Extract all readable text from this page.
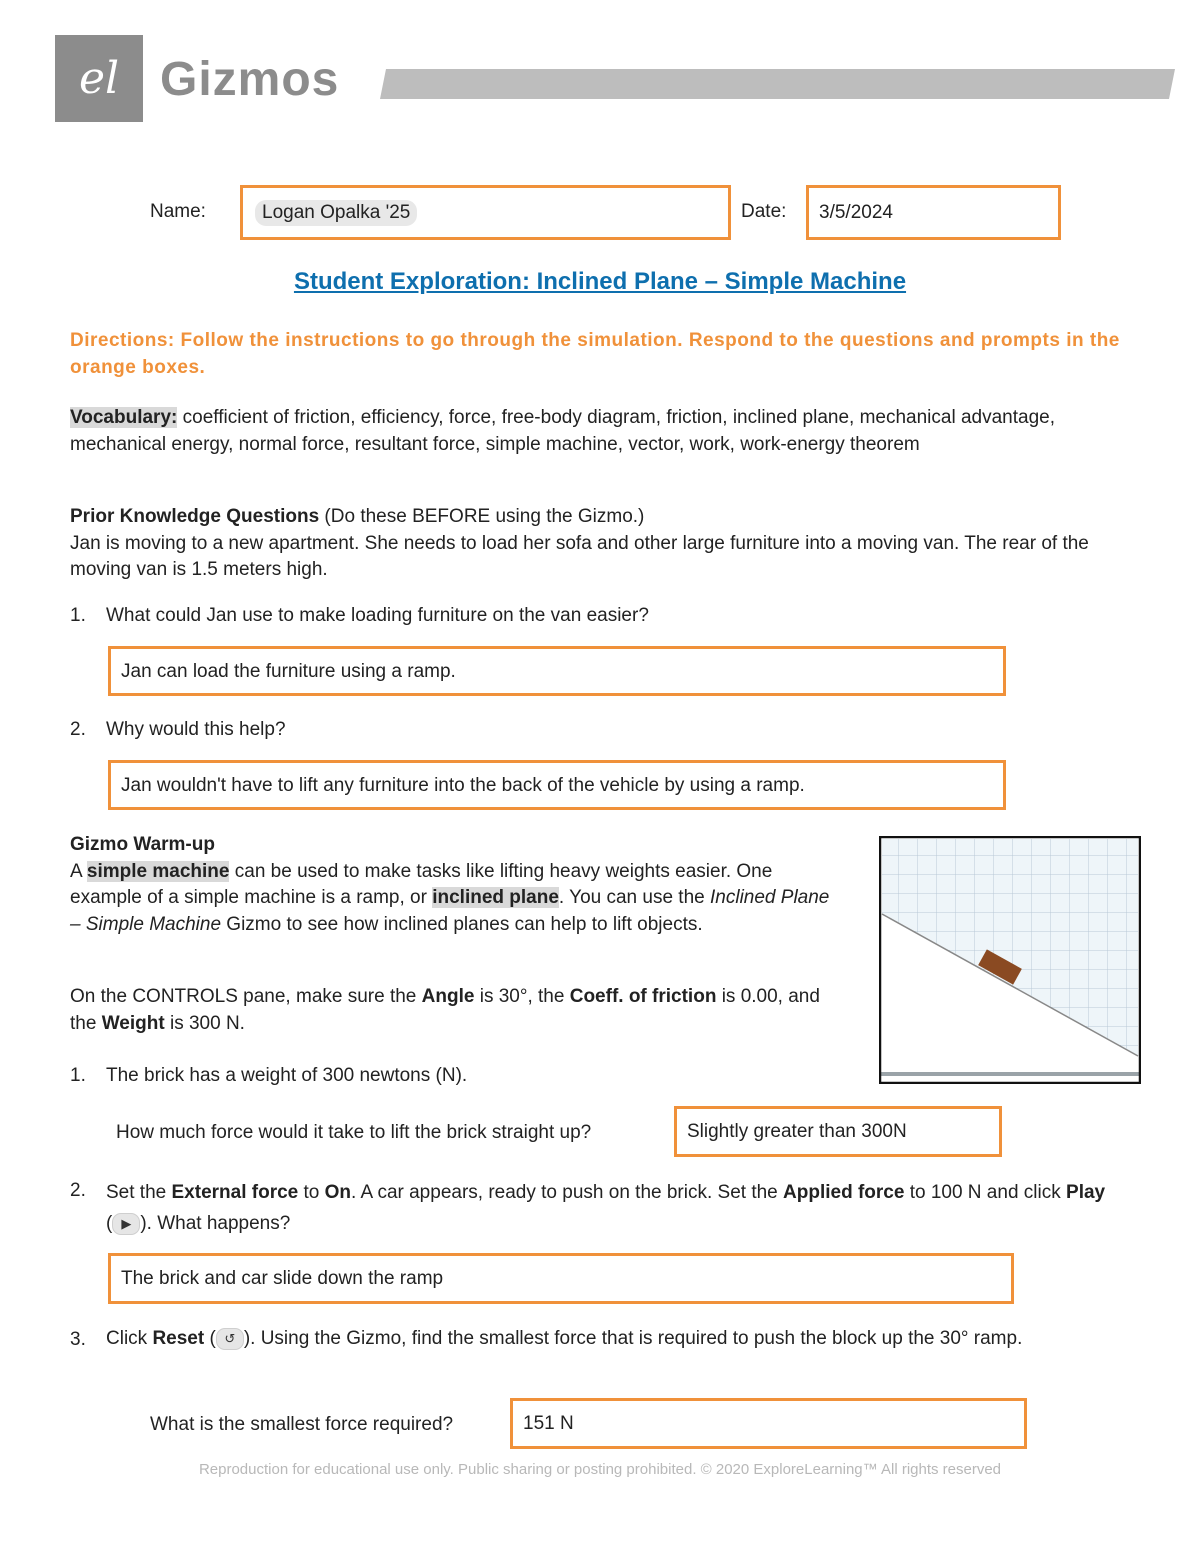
el Gizmos
Name:	Logan Opalka '25	Date: 3/5/2024
Student Exploration: Inclined Plane – Simple Machine
Directions: Follow the instructions to go through the simulation. Respond to the questions and prompts in the orange boxes.
Vocabulary: coefficient of friction, efficiency, force, free-body diagram, friction, inclined plane, mechanical advantage, mechanical energy, normal force, resultant force, simple machine, vector, work, work-energy theorem
Prior Knowledge Questions (Do these BEFORE using the Gizmo.)
Jan is moving to a new apartment. She needs to load her sofa and other large furniture into a moving van. The rear of the moving van is 1.5 meters high.
1. What could Jan use to make loading furniture on the van easier?
Jan can load the furniture using a ramp.
2. Why would this help?
Jan wouldn't have to lift any furniture into the back of the vehicle by using a ramp.
Gizmo Warm-up
A simple machine can be used to make tasks like lifting heavy weights easier. One example of a simple machine is a ramp, or inclined plane. You can use the Inclined Plane – Simple Machine Gizmo to see how inclined planes can help to lift objects.
On the CONTROLS pane, make sure the Angle is 30°, the Coeff. of friction is 0.00, and the Weight is 300 N.
1. The brick has a weight of 300 newtons (N).
How much force would it take to lift the brick straight up?	Slightly greater than 300N
2. Set the External force to On. A car appears, ready to push on the brick. Set the Applied force to 100 N and click Play ( ▶ ). What happens?
The brick and car slide down the ramp
3. Click Reset ( ↺ ). Using the Gizmo, find the smallest force that is required to push the block up the 30° ramp.
What is the smallest force required?	151 N
Reproduction for educational use only. Public sharing or posting prohibited. © 2020 ExploreLearning™ All rights reserved
